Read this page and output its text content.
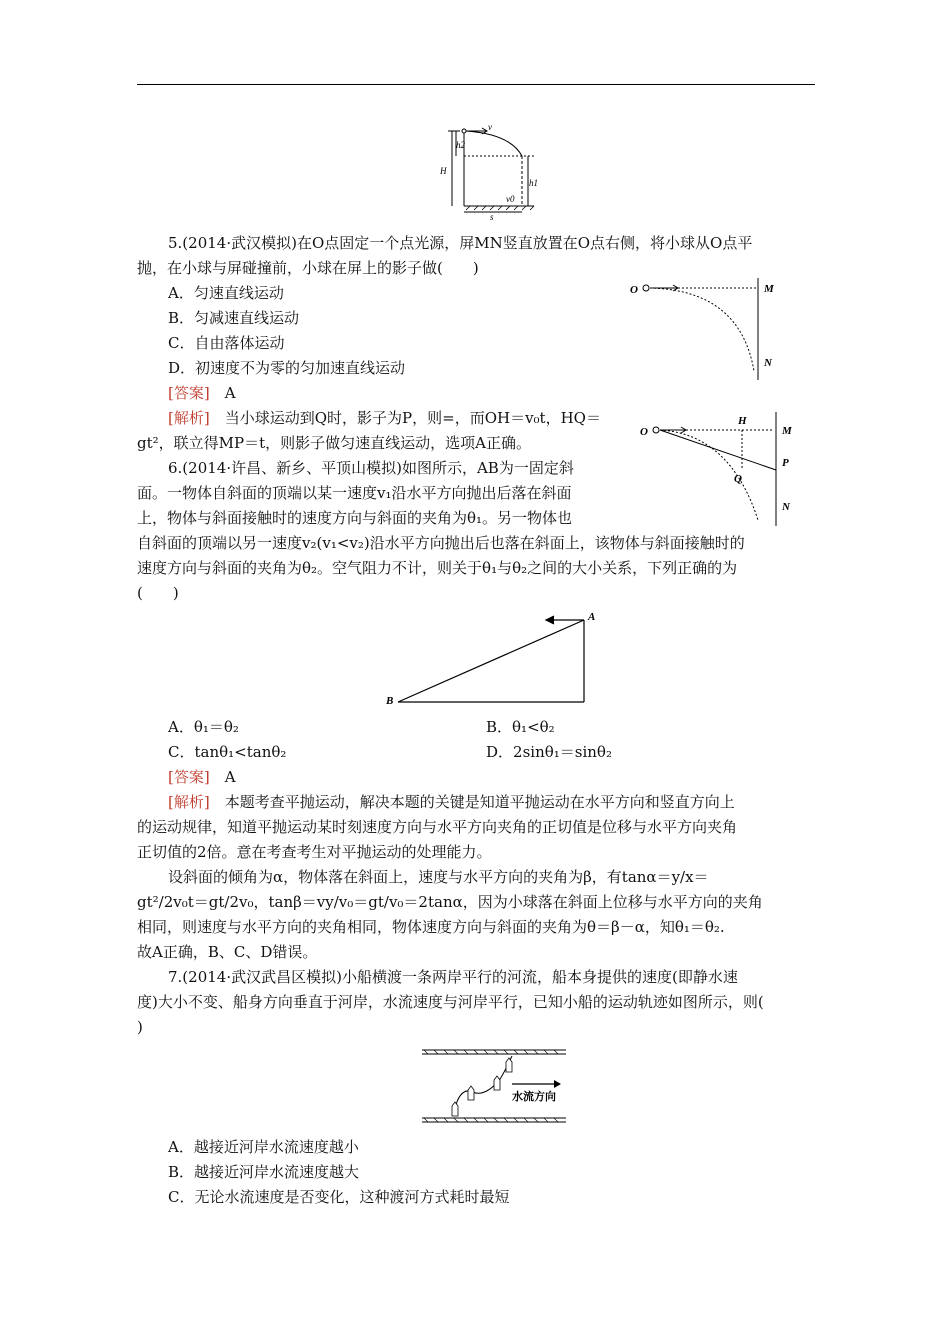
v
h2
H
h1
v0
s
5.(2014·武汉模拟)在O点固定一个点光源，屏MN竖直放置在O点右侧，将小球从O点平
抛，在小球与屏碰撞前，小球在屏上的影子做(　　)
A．匀速直线运动
B．匀减速直线运动
C．自由落体运动
D．初速度不为零的匀加速直线运动
[答案]　 A
[解析]　 当小球运动到Q时，影子为P，则=，而OH＝v₀t，HQ＝
gt²，联立得MP＝t，则影子做匀速直线运动，选项A正确。
O	M
N
O
H
M
P
Q
N
6.(2014·许昌、新乡、平顶山模拟)如图所示，AB为一固定斜
面。一物体自斜面的顶端以某一速度v₁沿水平方向抛出后落在斜面
上，物体与斜面接触时的速度方向与斜面的夹角为θ₁。另一物体也
自斜面的顶端以另一速度v₂(v₁<v₂)沿水平方向抛出后也落在斜面上，该物体与斜面接触时的
速度方向与斜面的夹角为θ₂。空气阻力不计，则关于θ₁与θ₂之间的大小关系，下列正确的为
(　　)
A
B
A．θ₁＝θ₂	B．θ₁<θ₂
C．tanθ₁<tanθ₂	D．2sinθ₁＝sinθ₂
[答案]　 A
[解析]　 本题考查平抛运动，解决本题的关键是知道平抛运动在水平方向和竖直方向上
的运动规律，知道平抛运动某时刻速度方向与水平方向夹角的正切值是位移与水平方向夹角
正切值的2倍。意在考查考生对平抛运动的处理能力。
设斜面的倾角为α，物体落在斜面上，速度与水平方向的夹角为β，有tanα＝y/x＝
gt²/2v₀t＝gt/2v₀，tanβ＝vy/v₀＝gt/v₀＝2tanα，因为小球落在斜面上位移与水平方向的夹角
相同，则速度与水平方向的夹角相同，物体速度方向与斜面的夹角为θ＝β－α，知θ₁＝θ₂.
故A正确，B、C、D错误。
7.(2014·武汉武昌区模拟)小船横渡一条两岸平行的河流，船本身提供的速度(即静水速
度)大小不变、船身方向垂直于河岸，水流速度与河岸平行，已知小船的运动轨迹如图所示，则(
)
水流方向
A．越接近河岸水流速度越小
B．越接近河岸水流速度越大
C．无论水流速度是否变化，这种渡河方式耗时最短
